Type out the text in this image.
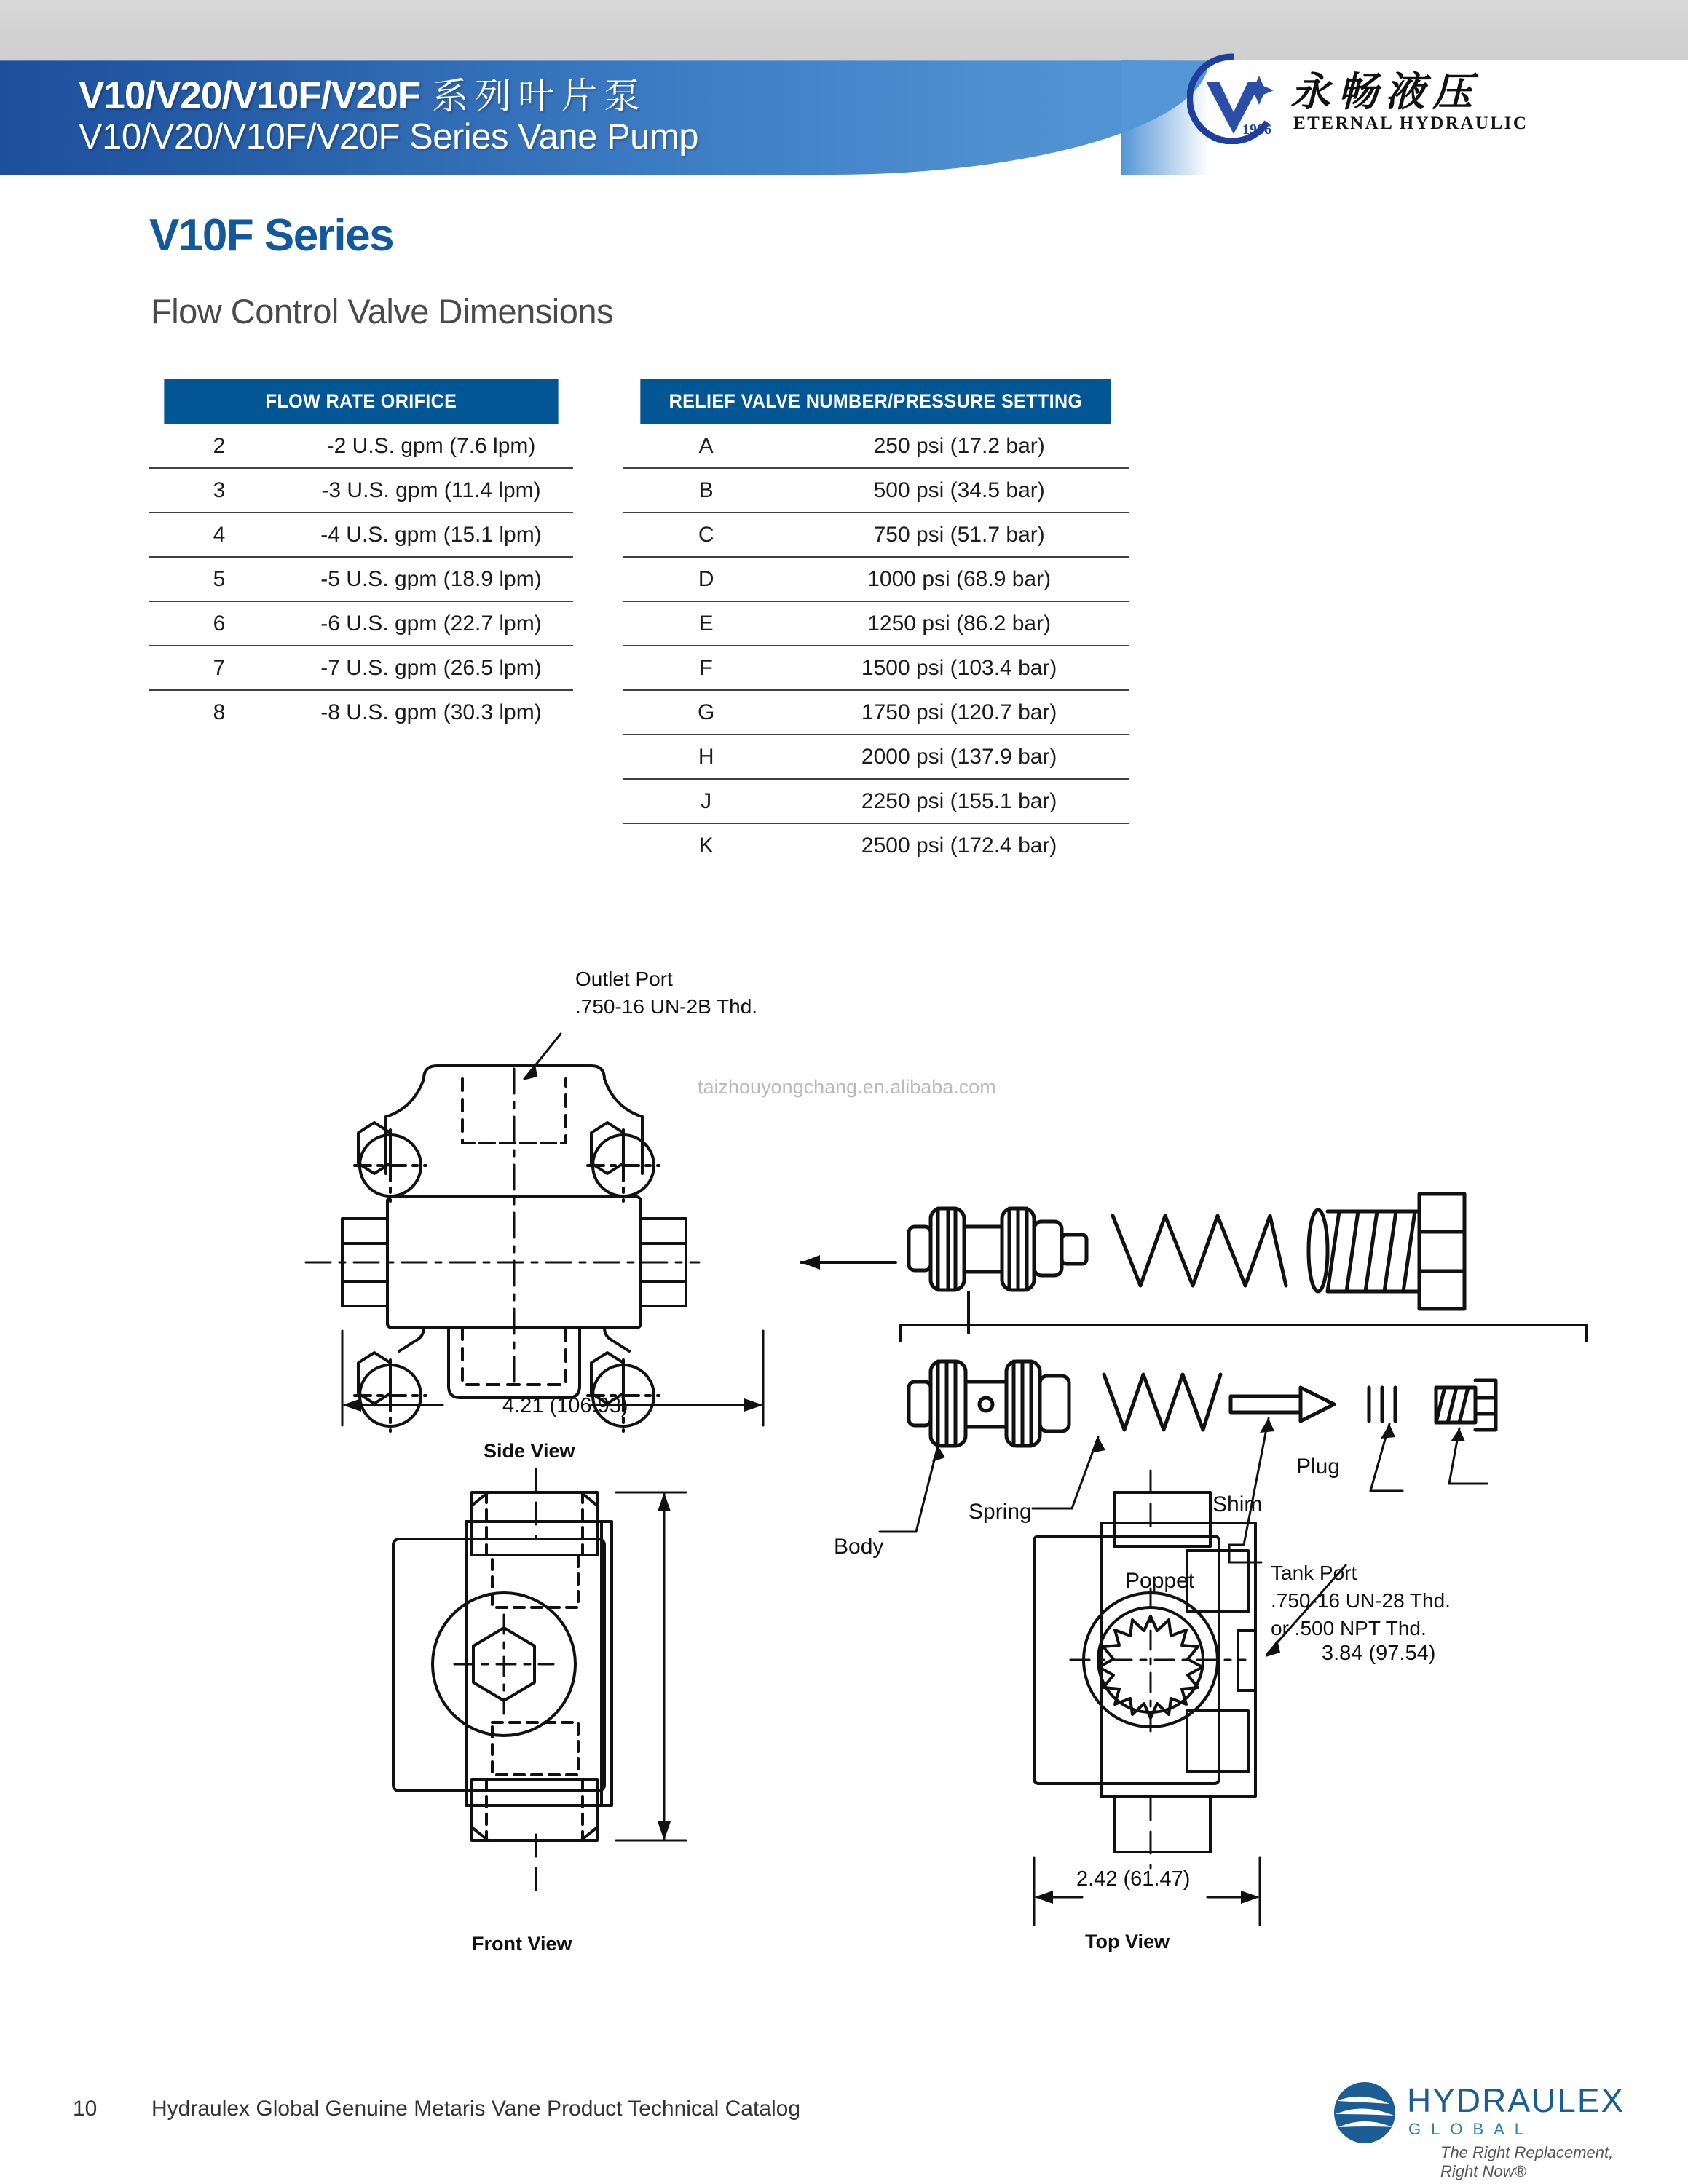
V10/V20/V10F/V20F 系列叶片泵
V10/V20/V10F/V20F Series Vane Pump	1986
永畅液压
ETERNAL HYDRAULIC
V10F Series
Flow Control Valve Dimensions
FLOW RATE ORIFICE
2	-2 U.S. gpm (7.6 lpm)
3	-3 U.S. gpm (11.4 lpm)
4	-4 U.S. gpm (15.1 lpm)
5	-5 U.S. gpm (18.9 lpm)
6	-6 U.S. gpm (22.7 lpm)
7	-7 U.S. gpm (26.5 lpm)
8	-8 U.S. gpm (30.3 lpm)
RELIEF VALVE NUMBER/PRESSURE SETTING
A	250 psi (17.2 bar)
B	500 psi (34.5 bar)
C	750 psi (51.7 bar)
D	1000 psi (68.9 bar)
E	1250 psi (86.2 bar)
F	1500 psi (103.4 bar)
G	1750 psi (120.7 bar)
H	2000 psi (137.9 bar)
J	2250 psi (155.1 bar)
K	2500 psi (172.4 bar)
taizhouyongchang.en.alibaba.com
Outlet Port
.750-16 UN-2B Thd.
4.21 (106.93)
Side View
Body
Spring
Poppet
Shim
Plug
3.84 (97.54)
Front View
Tank Port
.750-16 UN-28 Thd.
or .500 NPT Thd.
2.42 (61.47)
Top View
10 Hydraulex Global Genuine Metaris Vane Product Technical Catalog	HYDRAULEX
GLOBAL
The Right Replacement, Right Now®
